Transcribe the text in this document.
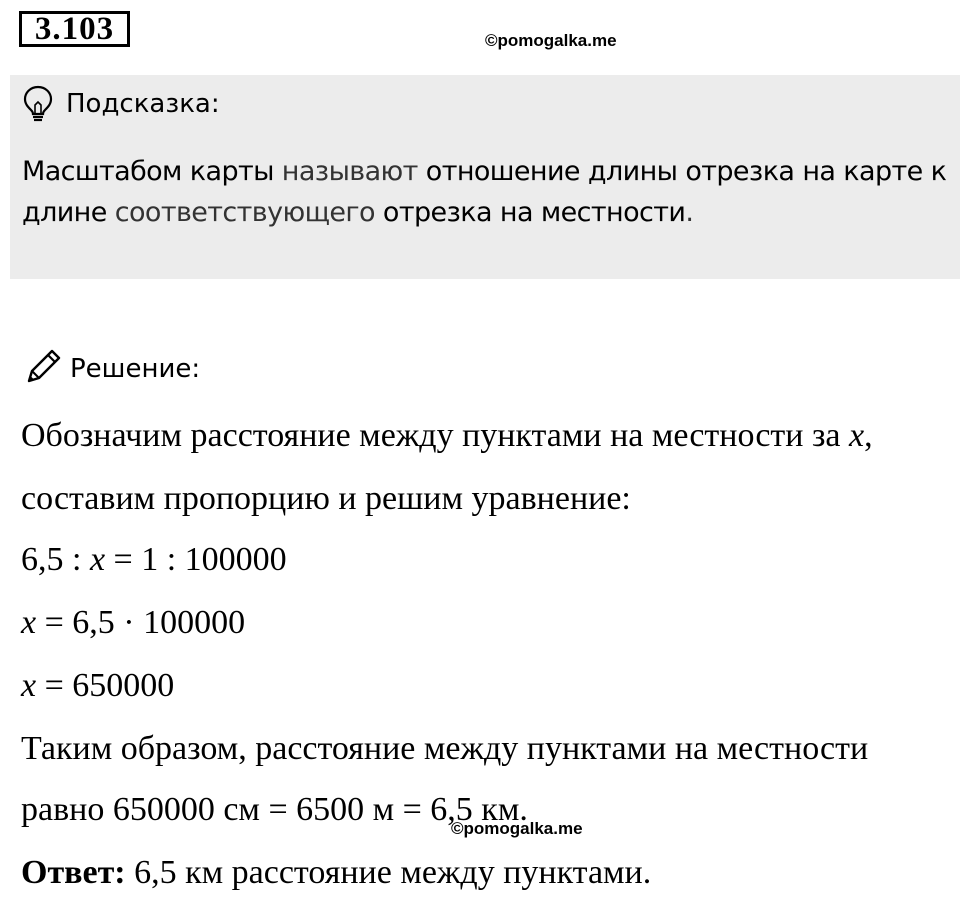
3.103	©pomogalka.me
Подсказка:
Масштабом карты называют отношение длины отрезка на карте к длине соответствующего отрезка на местности.
Решение:
Обозначим расстояние между пунктами на местности за x,
составим пропорцию и решим уравнение:
6,5 : x = 1 : 100000
x = 6,5 · 100000
x = 650000
Таким образом, расстояние между пунктами на местности
равно 650000 см = 6500 м = 6,5 км.
©pomogalka.me
Ответ: 6,5 км расстояние между пунктами.
